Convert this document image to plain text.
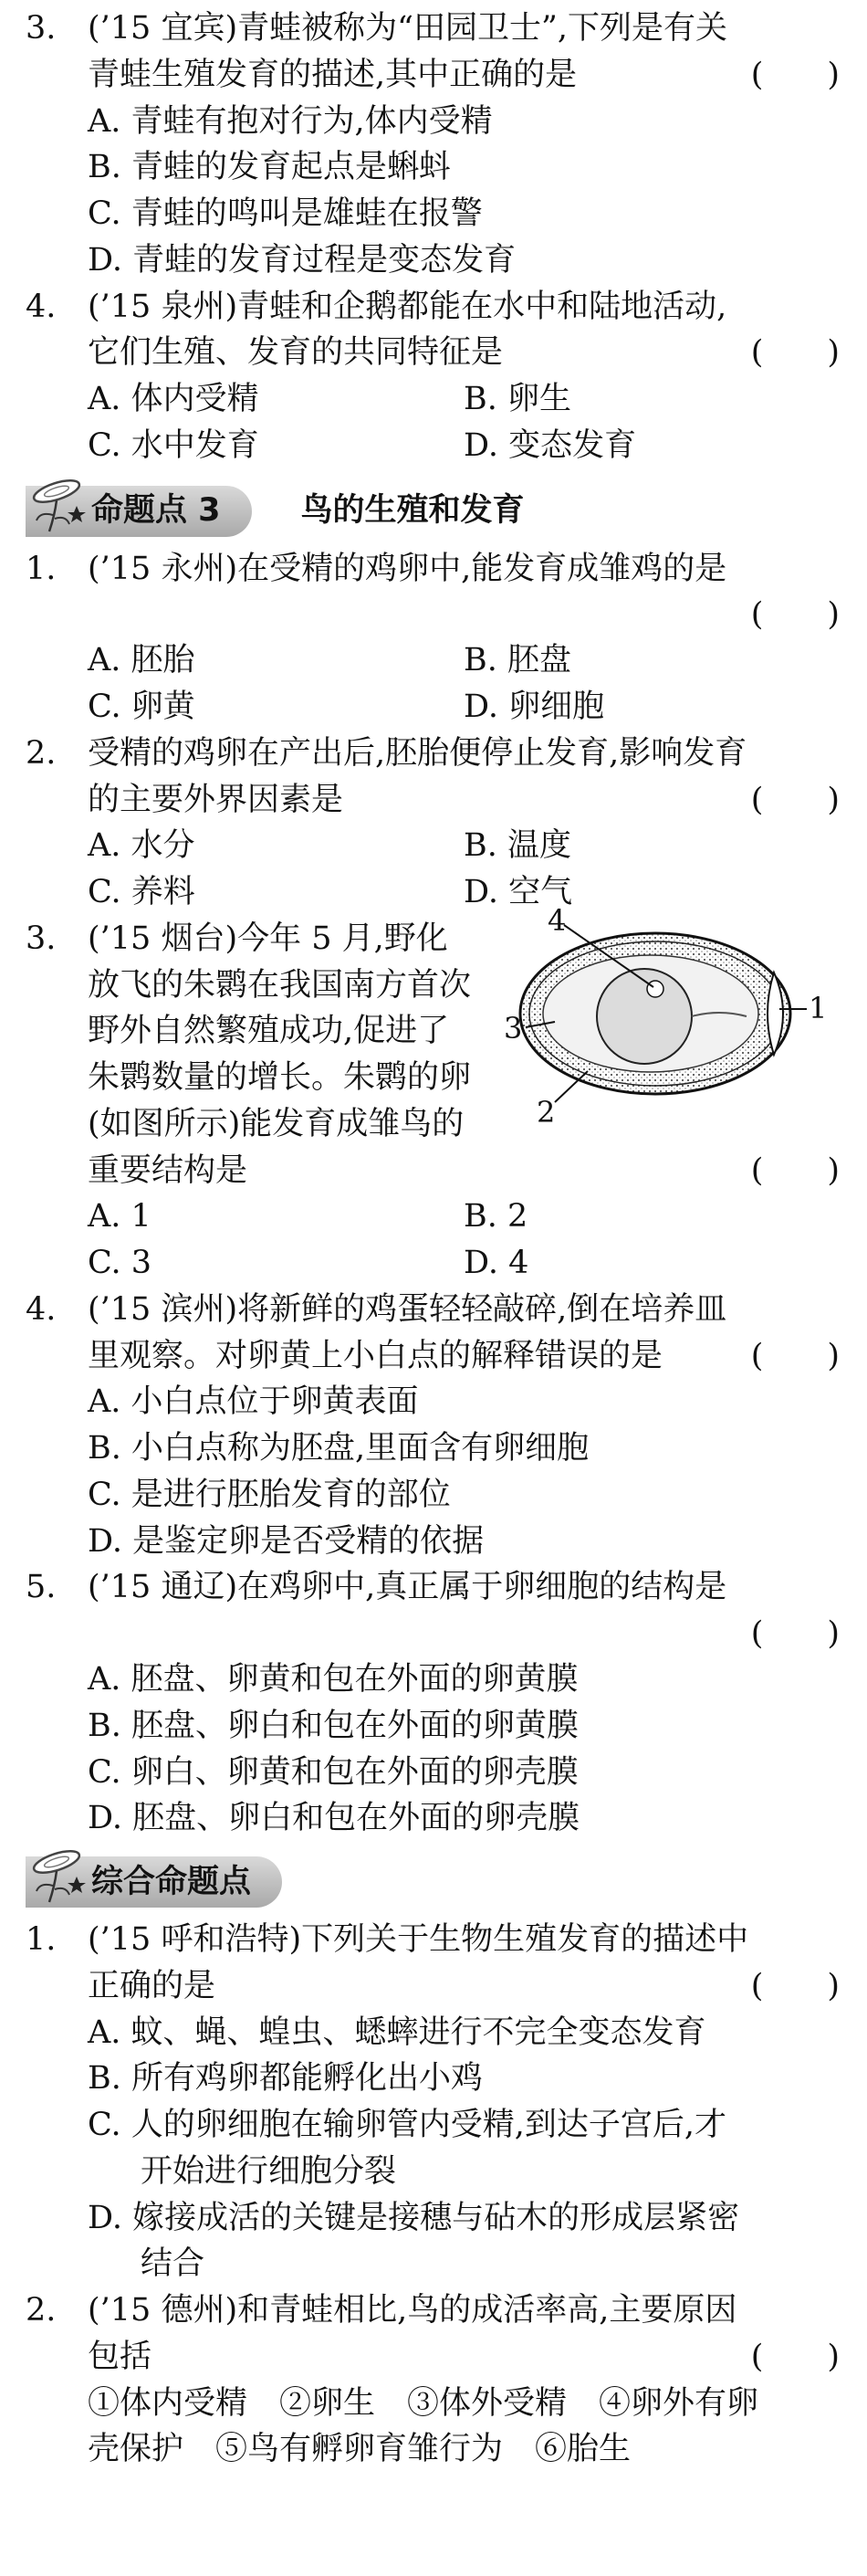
3. (’15 宜宾)青蛙被称为“田园卫士”,下列是有关
青蛙生殖发育的描述,其中正确的是	(　　)
A. 青蛙有抱对行为,体内受精
B. 青蛙的发育起点是蝌蚪
C. 青蛙的鸣叫是雄蛙在报警
D. 青蛙的发育过程是变态发育
4. (’15 泉州)青蛙和企鹅都能在水中和陆地活动,
它们生殖、发育的共同特征是	(　　)
A. 体内受精	B. 卵生
C. 水中发育	D. 变态发育
命题点 3	鸟的生殖和发育
1. (’15 永州)在受精的鸡卵中,能发育成雏鸡的是
(　　)
A. 胚胎	B. 胚盘
C. 卵黄	D. 卵细胞
2. 受精的鸡卵在产出后,胚胎便停止发育,影响发育
的主要外界因素是	(　　)
A. 水分	B. 温度
C. 养料	D. 空气
3. (’15 烟台)今年 5 月,野化
放飞的朱鹮在我国南方首次
野外自然繁殖成功,促进了
朱鹮数量的增长。朱鹮的卵
(如图所示)能发育成雏鸟的
重要结构是	(　　)
A. 1	B. 2
C. 3	D. 4
1
2
3
4
4. (’15 滨州)将新鲜的鸡蛋轻轻敲碎,倒在培养皿
里观察。对卵黄上小白点的解释错误的是	(　　)
A. 小白点位于卵黄表面
B. 小白点称为胚盘,里面含有卵细胞
C. 是进行胚胎发育的部位
D. 是鉴定卵是否受精的依据
5. (’15 通辽)在鸡卵中,真正属于卵细胞的结构是
(　　)
A. 胚盘、卵黄和包在外面的卵黄膜
B. 胚盘、卵白和包在外面的卵黄膜
C. 卵白、卵黄和包在外面的卵壳膜
D. 胚盘、卵白和包在外面的卵壳膜
综合命题点
1. (’15 呼和浩特)下列关于生物生殖发育的描述中
正确的是	(　　)
A. 蚊、蝇、蝗虫、蟋蟀进行不完全变态发育
B. 所有鸡卵都能孵化出小鸡
C. 人的卵细胞在输卵管内受精,到达子宫后,才
开始进行细胞分裂
D. 嫁接成活的关键是接穗与砧木的形成层紧密
结合
2. (’15 德州)和青蛙相比,鸟的成活率高,主要原因
包括	(　　)
①体内受精　②卵生　③体外受精　④卵外有卵
壳保护　⑤鸟有孵卵育雏行为　⑥胎生
